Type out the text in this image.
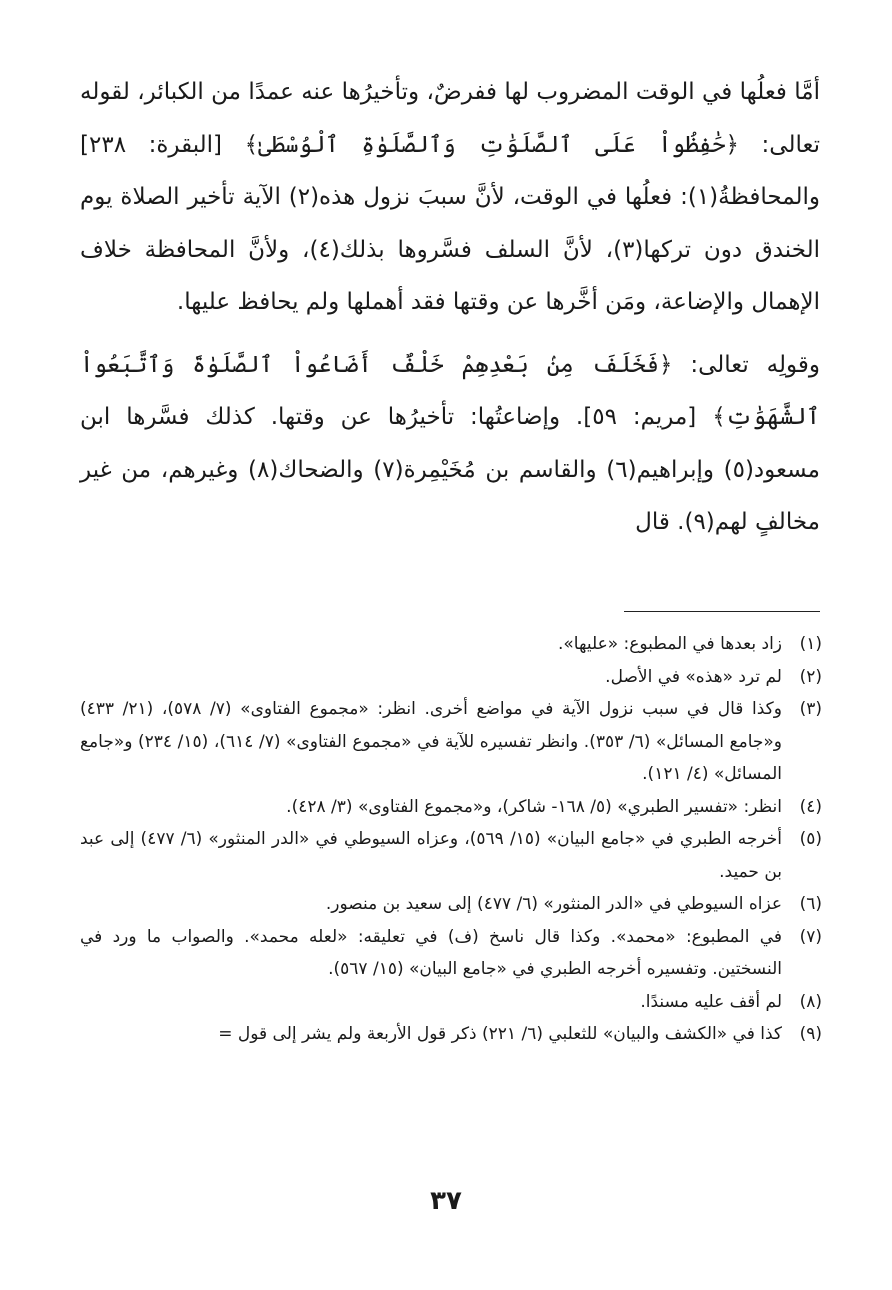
أمَّا فعلُها في الوقت المضروب لها ففرضٌ، وتأخيرُها عنه عمدًا من الكبائر، لقوله تعالى: ﴿حَٰفِظُواْ عَلَى ٱلصَّلَوَٰتِ وَٱلصَّلَوٰةِ ٱلْوُسْطَىٰ﴾ [البقرة: ٢٣٨] والمحافظةُ(١): فعلُها في الوقت، لأنَّ سببَ نزول هذه(٢) الآية تأخير الصلاة يوم الخندق دون تركها(٣)، لأنَّ السلف فسَّروها بذلك(٤)، ولأنَّ المحافظة خلاف الإهمال والإضاعة، ومَن أخَّرها عن وقتها فقد أهملها ولم يحافظ عليها.

وقولِه تعالى: ﴿فَخَلَفَ مِنۢ بَعْدِهِمْ خَلْفٌ أَضَاعُواْ ٱلصَّلَوٰةَ وَٱتَّبَعُواْ ٱلشَّهَوَٰتِ﴾ [مريم: ٥٩]. وإضاعتُها: تأخيرُها عن وقتها. كذلك فسَّرها ابن مسعود(٥) وإبراهيم(٦) والقاسم بن مُخَيْمِرة(٧) والضحاك(٨) وغيرهم، من غير مخالفٍ لهم(٩). قال

(١)
زاد بعدها في المطبوع: «عليها».

(٢)
لم ترد «هذه» في الأصل.

(٣)
وكذا قال في سبب نزول الآية في مواضع أخرى. انظر: «مجموع الفتاوى» (٧/ ٥٧٨)، (٢١/ ٤٣٣) و«جامع المسائل» (٦/ ٣٥٣). وانظر تفسيره للآية في «مجموع الفتاوى» (٧/ ٦١٤)، (١٥/ ٢٣٤) و«جامع المسائل» (٤/ ١٢١).

(٤)
انظر: «تفسير الطبري» (٥/ ١٦٨- شاكر)، و«مجموع الفتاوى» (٣/ ٤٢٨).

(٥)
أخرجه الطبري في «جامع البيان» (١٥/ ٥٦٩)، وعزاه السيوطي في «الدر المنثور» (٦/ ٤٧٧) إلى عبد بن حميد.

(٦)
عزاه السيوطي في «الدر المنثور» (٦/ ٤٧٧) إلى سعيد بن منصور.

(٧)
في المطبوع: «محمد». وكذا قال ناسخ (ف) في تعليقه: «لعله محمد». والصواب ما ورد في النسختين. وتفسيره أخرجه الطبري في «جامع البيان» (١٥/ ٥٦٧).

(٨)
لم أقف عليه مسندًا.

(٩)
كذا في «الكشف والبيان» للثعلبي (٦/ ٢٢١) ذكر قول الأربعة ولم يشر إلى قول =

٣٧
